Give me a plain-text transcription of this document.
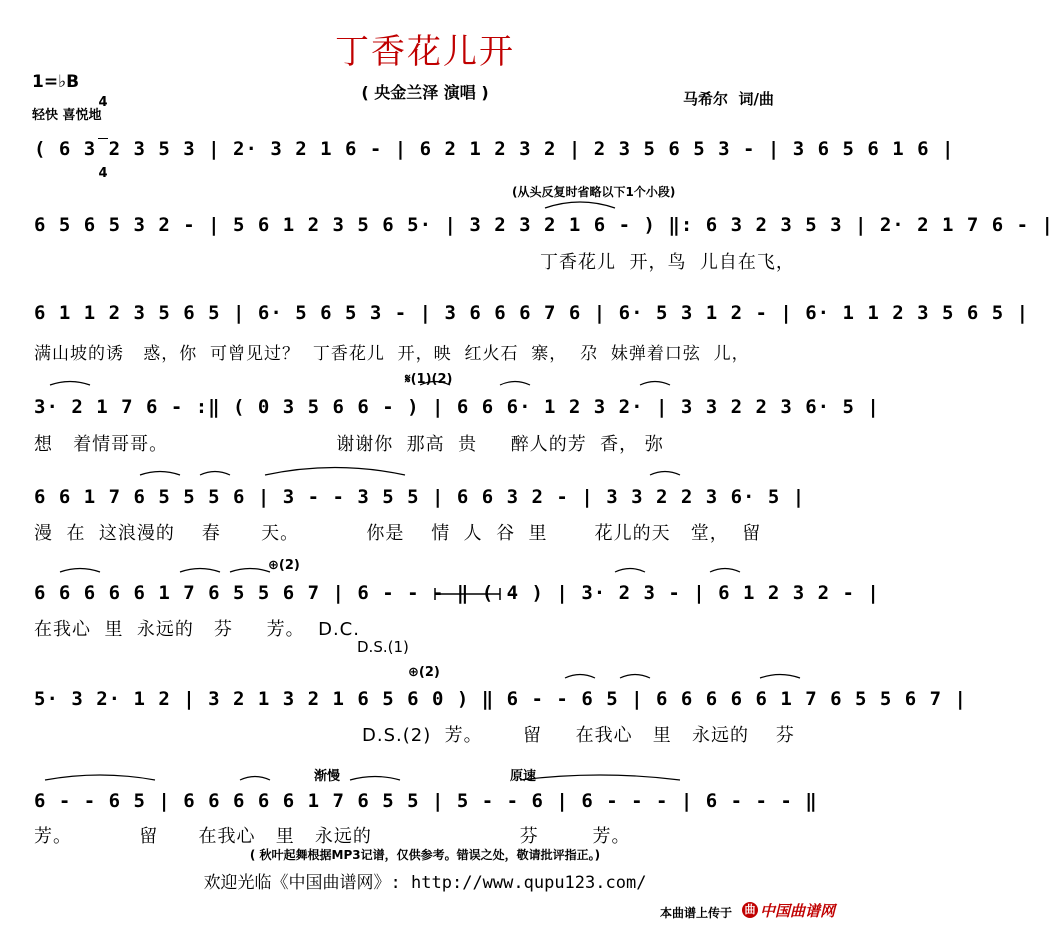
丁香花儿开
( 央金兰泽 演唱 )
1=♭B

4

4

轻快 喜悦地
马希尔  词/曲
( 6 3 2 3 5 3 | 2· 3 2 1 6 - | 6 2 1 2 3 2 | 2 3 5 6 5 3 - | 3 6 5 6 1 6 |
(从头反复时省略以下1个小段)
6 5 6 5 3 2 - | 5 6 1 2 3 5 6 5· | 3 2 3 2 1 6 - ) ‖: 6 3 2 3 5 3 | 2· 2 1 7 6 - |
丁香花儿  开，鸟  儿自在飞，
6 1 1 2 3 5 6 5 | 6· 5 6 5 3 - | 3 6 6 6 7 6 | 6· 5 3 1 2 - | 6· 1 1 2 3 5 6 5 |
满山坡的诱   惑，你  可曾见过？  丁香花儿  开，映  红火石  寨，  尕  妹弹着口弦  儿，
𝄋(1)(2)
3· 2 1 7 6 - :‖ ( 0 3 5 6 6 - ) | 6 6 6· 1 2 3 2· | 3 3 2 2 3 6· 5 |
想   着情哥哥。                         谢谢你  那高  贵     醉人的芳  香， 弥
6 6 1 7 6 5 5 5 6 | 3 - - 3 5 5 | 6 6 3 2 - | 3 3 2 2 3 6· 5 |
漫  在  这浪漫的    春      天。          你是    情  人  谷  里       花儿的天   堂，  留
⊕(2)
6 6 6 6 6 1 7 6 5 5 6 7 | 6 - - - ‖ ( 4 ) | 3· 2 3 - | 6 1 2 3 2 - |
在我心  里  永远的   芬     芳。  D.C.
D.S.(1)
⊕(2)
5· 3 2· 1 2 | 3 2 1 3 2 1 6 5 6 0 ) ‖ 6 - - 6 5 | 6 6 6 6 6 1 7 6 5 5 6 7 |
D.S.(2)  芳。      留     在我心   里   永远的    芬
渐慢	原速
6 - - 6 5 | 6 6 6 6 6 1 7 6 5 5 | 5 - - 6 | 6 - - - | 6 - - - ‖
芳。          留      在我心   里   永远的                      芬        芳。
( 秋叶起舞根据MP3记谱，仅供参考。错误之处，敬请批评指正。)
欢迎光临《中国曲谱网》: http://www.qupu123.com/
本曲谱上传于 曲 中国曲谱网
